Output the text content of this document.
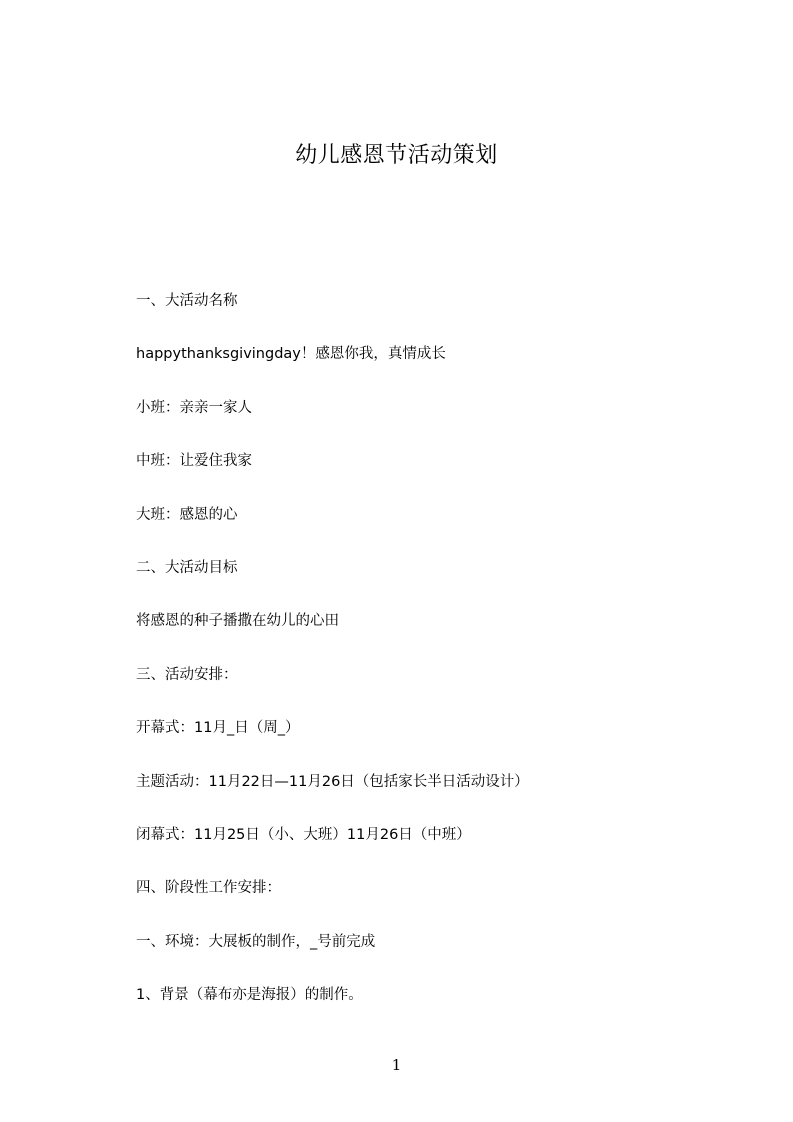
幼儿感恩节活动策划
一、大活动名称
happythanksgivingday！感恩你我，真情成长
小班：亲亲一家人
中班：让爱住我家
大班：感恩的心
二、大活动目标
将感恩的种子播撒在幼儿的心田
三、活动安排：
开幕式：11月_日（周_）
主题活动：11月22日—11月26日（包括家长半日活动设计）
闭幕式：11月25日（小、大班）11月26日（中班）
四、阶段性工作安排：
一、环境：大展板的制作，_号前完成
1、背景（幕布亦是海报）的制作。
1
